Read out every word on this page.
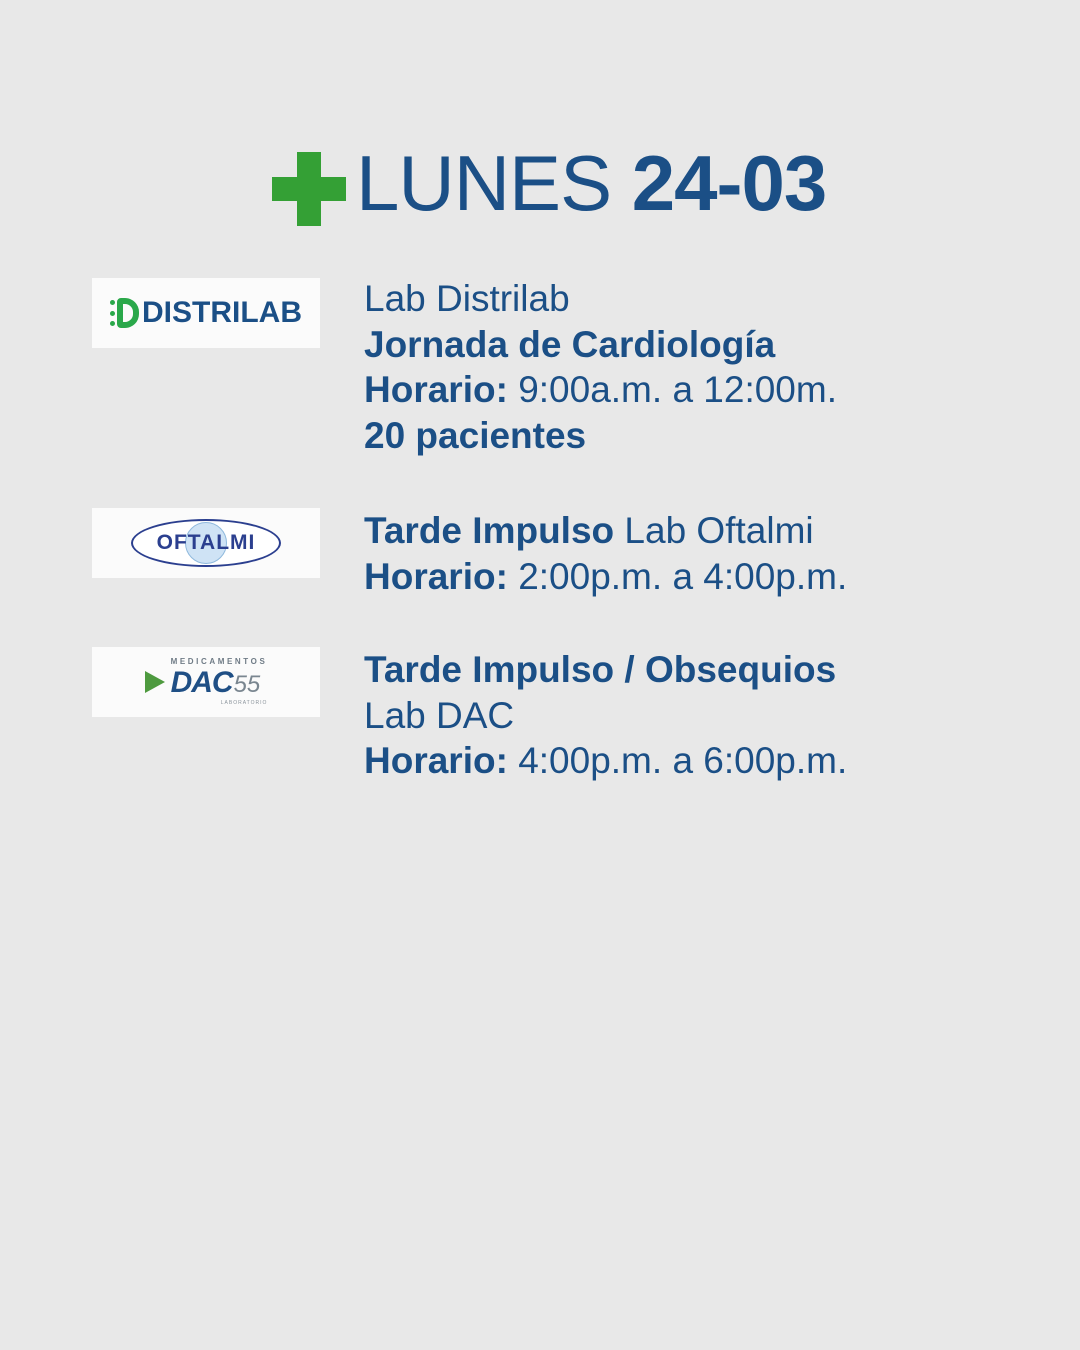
LUNES 24-03
DISTRILAB Lab Distrilab
Jornada de Cardiología
Horario: 9:00a.m. a 12:00m.
20 pacientes
OFTALMI	Tarde Impulso Lab Oftalmi
Horario: 2:00p.m. a 4:00p.m.
MEDICAMENTOS
DAC 55
LABORATORIO
Tarde Impulso / Obsequios
Lab DAC
Horario: 4:00p.m. a 6:00p.m.
